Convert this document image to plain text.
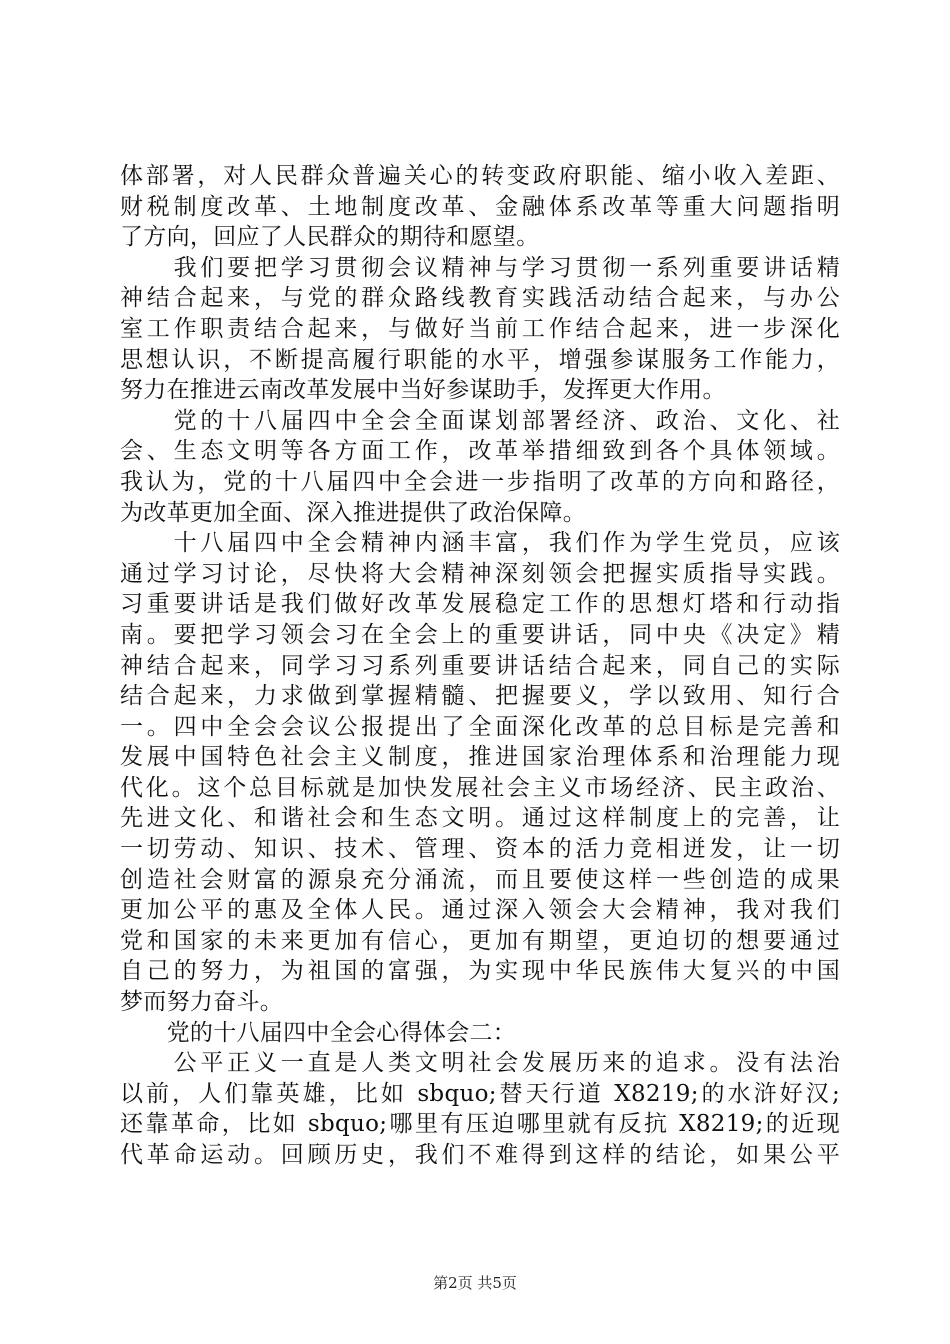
体部署，对人民群众普遍关心的转变政府职能、缩小收入差距、
财税制度改革、土地制度改革、金融体系改革等重大问题指明
了方向，回应了人民群众的期待和愿望。
　　我们要把学习贯彻会议精神与学习贯彻一系列重要讲话精
神结合起来，与党的群众路线教育实践活动结合起来，与办公
室工作职责结合起来，与做好当前工作结合起来，进一步深化
思想认识，不断提高履行职能的水平，增强参谋服务工作能力，
努力在推进云南改革发展中当好参谋助手，发挥更大作用。
　　党的十八届四中全会全面谋划部署经济、政治、文化、社
会、生态文明等各方面工作，改革举措细致到各个具体领域。
我认为，党的十八届四中全会进一步指明了改革的方向和路径，
为改革更加全面、深入推进提供了政治保障。
　　十八届四中全会精神内涵丰富，我们作为学生党员，应该
通过学习讨论，尽快将大会精神深刻领会把握实质指导实践。
习重要讲话是我们做好改革发展稳定工作的思想灯塔和行动指
南。要把学习领会习在全会上的重要讲话，同中央《决定》精
神结合起来，同学习习系列重要讲话结合起来，同自己的实际
结合起来，力求做到掌握精髓、把握要义，学以致用、知行合
一。四中全会会议公报提出了全面深化改革的总目标是完善和
发展中国特色社会主义制度，推进国家治理体系和治理能力现
代化。这个总目标就是加快发展社会主义市场经济、民主政治、
先进文化、和谐社会和生态文明。通过这样制度上的完善，让
一切劳动、知识、技术、管理、资本的活力竞相迸发，让一切
创造社会财富的源泉充分涌流，而且要使这样一些创造的成果
更加公平的惠及全体人民。通过深入领会大会精神，我对我们
党和国家的未来更加有信心，更加有期望，更迫切的想要通过
自己的努力，为祖国的富强，为实现中华民族伟大复兴的中国
梦而努力奋斗。
　　党的十八届四中全会心得体会二：
　　公平正义一直是人类文明社会发展历来的追求。没有法治
以前，人们靠英雄，比如 sbquo;替天行道 X8219;的水浒好汉;
还靠革命，比如 sbquo;哪里有压迫哪里就有反抗 X8219;的近现
代革命运动。回顾历史，我们不难得到这样的结论，如果公平
第2页 共5页
